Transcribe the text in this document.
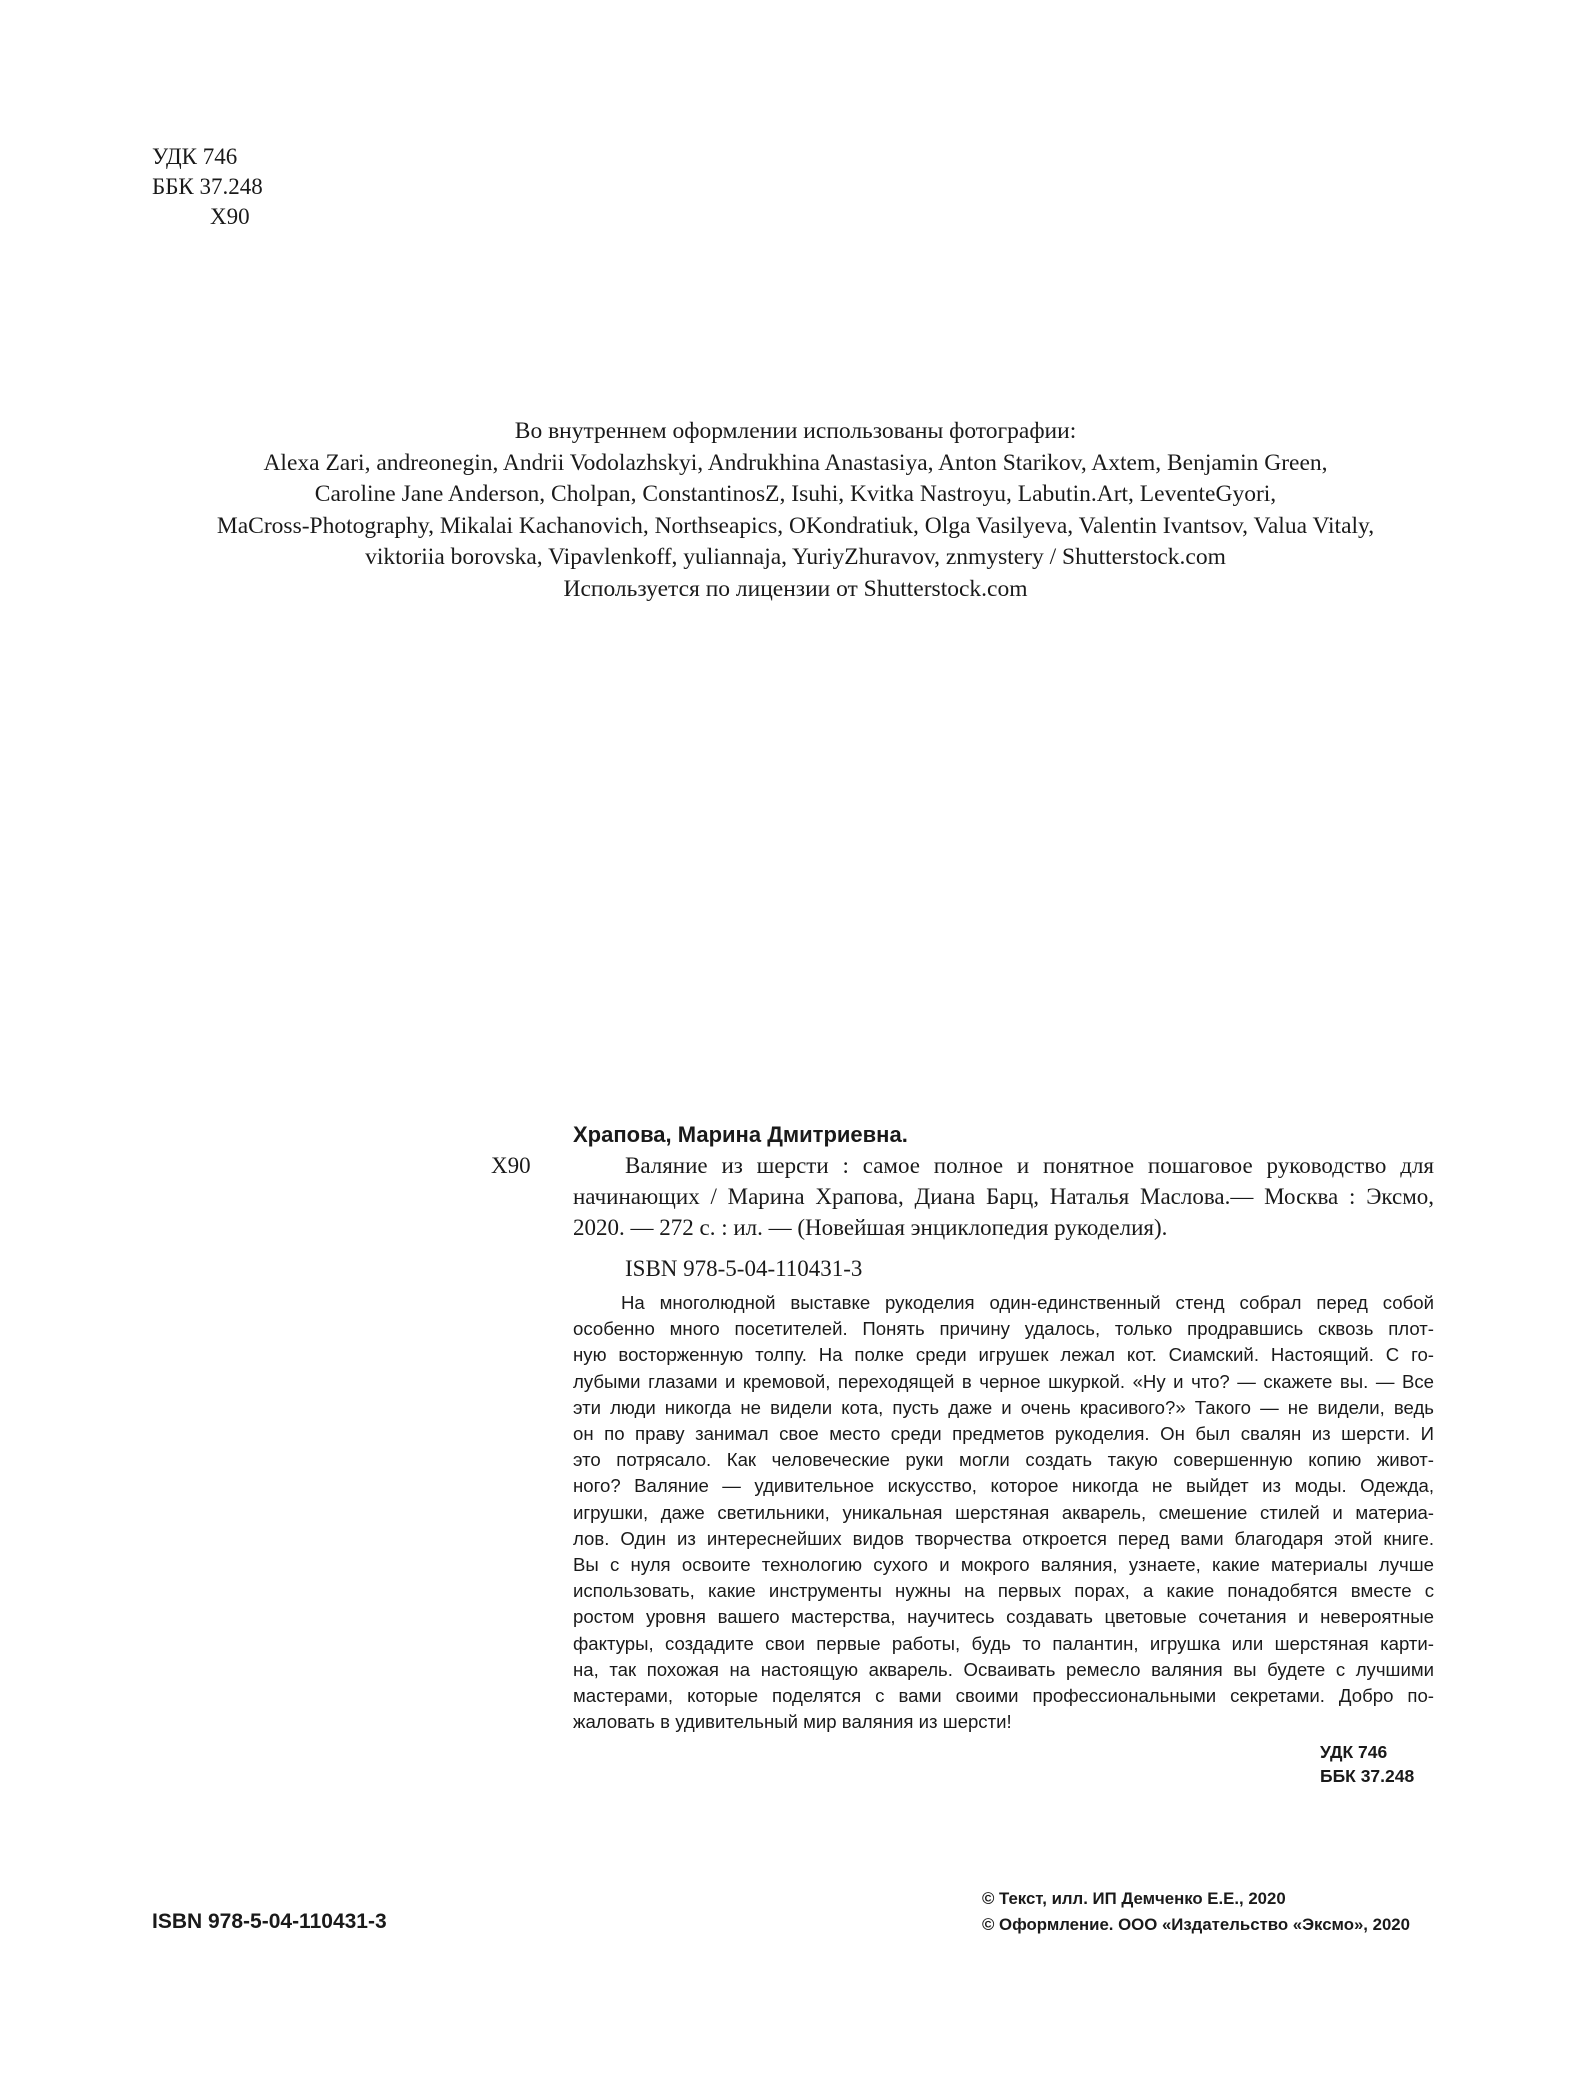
УДК 746
ББК 37.248
Х90
Во внутреннем оформлении использованы фотографии:
Alexa Zari, andreonegin, Andrii Vodolazhskyi, Andrukhina Anastasiya, Anton Starikov, Axtem, Benjamin Green,
Caroline Jane Anderson, Cholpan, ConstantinosZ, Isuhi, Kvitka Nastroyu, Labutin.Art, LeventeGyori,
MaCross-Photography, Mikalai Kachanovich, Northseapics, OKondratiuk, Olga Vasilyeva, Valentin Ivantsov, Valua Vitaly,
viktoriia borovska, Vipavlenkoff, yuliannaja, YuriyZhuravov, znmystery / Shutterstock.com
Используется по лицензии от Shutterstock.com
Х90
Храпова, Марина Дмитриевна.
Валяние из шерсти : самое полное и понятное пошаговое руководство для начинающих / Марина Храпова, Диана Барц, Наталья Маслова.— Москва : Эксмо, 2020. — 272 с. : ил. — (Новейшая энциклопедия рукоделия).
ISBN 978-5-04-110431-3
На многолюдной выставке рукоделия один-единственный стенд собрал перед собой
особенно много посетителей. Понять причину удалось, только продравшись сквозь плот-
ную восторженную толпу. На полке среди игрушек лежал кот. Сиамский. Настоящий. С го-
лубыми глазами и кремовой, переходящей в черное шкуркой. «Ну и что? — скажете вы. — Все
эти люди никогда не видели кота, пусть даже и очень красивого?» Такого — не видели, ведь
он по праву занимал свое место среди предметов рукоделия. Он был свалян из шерсти. И
это потрясало. Как человеческие руки могли создать такую совершенную копию живот-
ного? Валяние — удивительное искусство, которое никогда не выйдет из моды. Одежда,
игрушки, даже светильники, уникальная шерстяная акварель, смешение стилей и материа-
лов. Один из интереснейших видов творчества откроется перед вами благодаря этой книге.
Вы с нуля освоите технологию сухого и мокрого валяния, узнаете, какие материалы лучше
использовать, какие инструменты нужны на первых порах, а какие понадобятся вместе с
ростом уровня вашего мастерства, научитесь создавать цветовые сочетания и невероятные
фактуры, создадите свои первые работы, будь то палантин, игрушка или шерстяная карти-
на, так похожая на настоящую акварель. Осваивать ремесло валяния вы будете с лучшими
мастерами, которые поделятся с вами своими профессиональными секретами. Добро по-
жаловать в удивительный мир валяния из шерсти!
УДК 746
ББК 37.248
ISBN 978-5-04-110431-3
© Текст, илл. ИП Демченко Е.Е., 2020
© Оформление. ООО «Издательство «Эксмо», 2020
